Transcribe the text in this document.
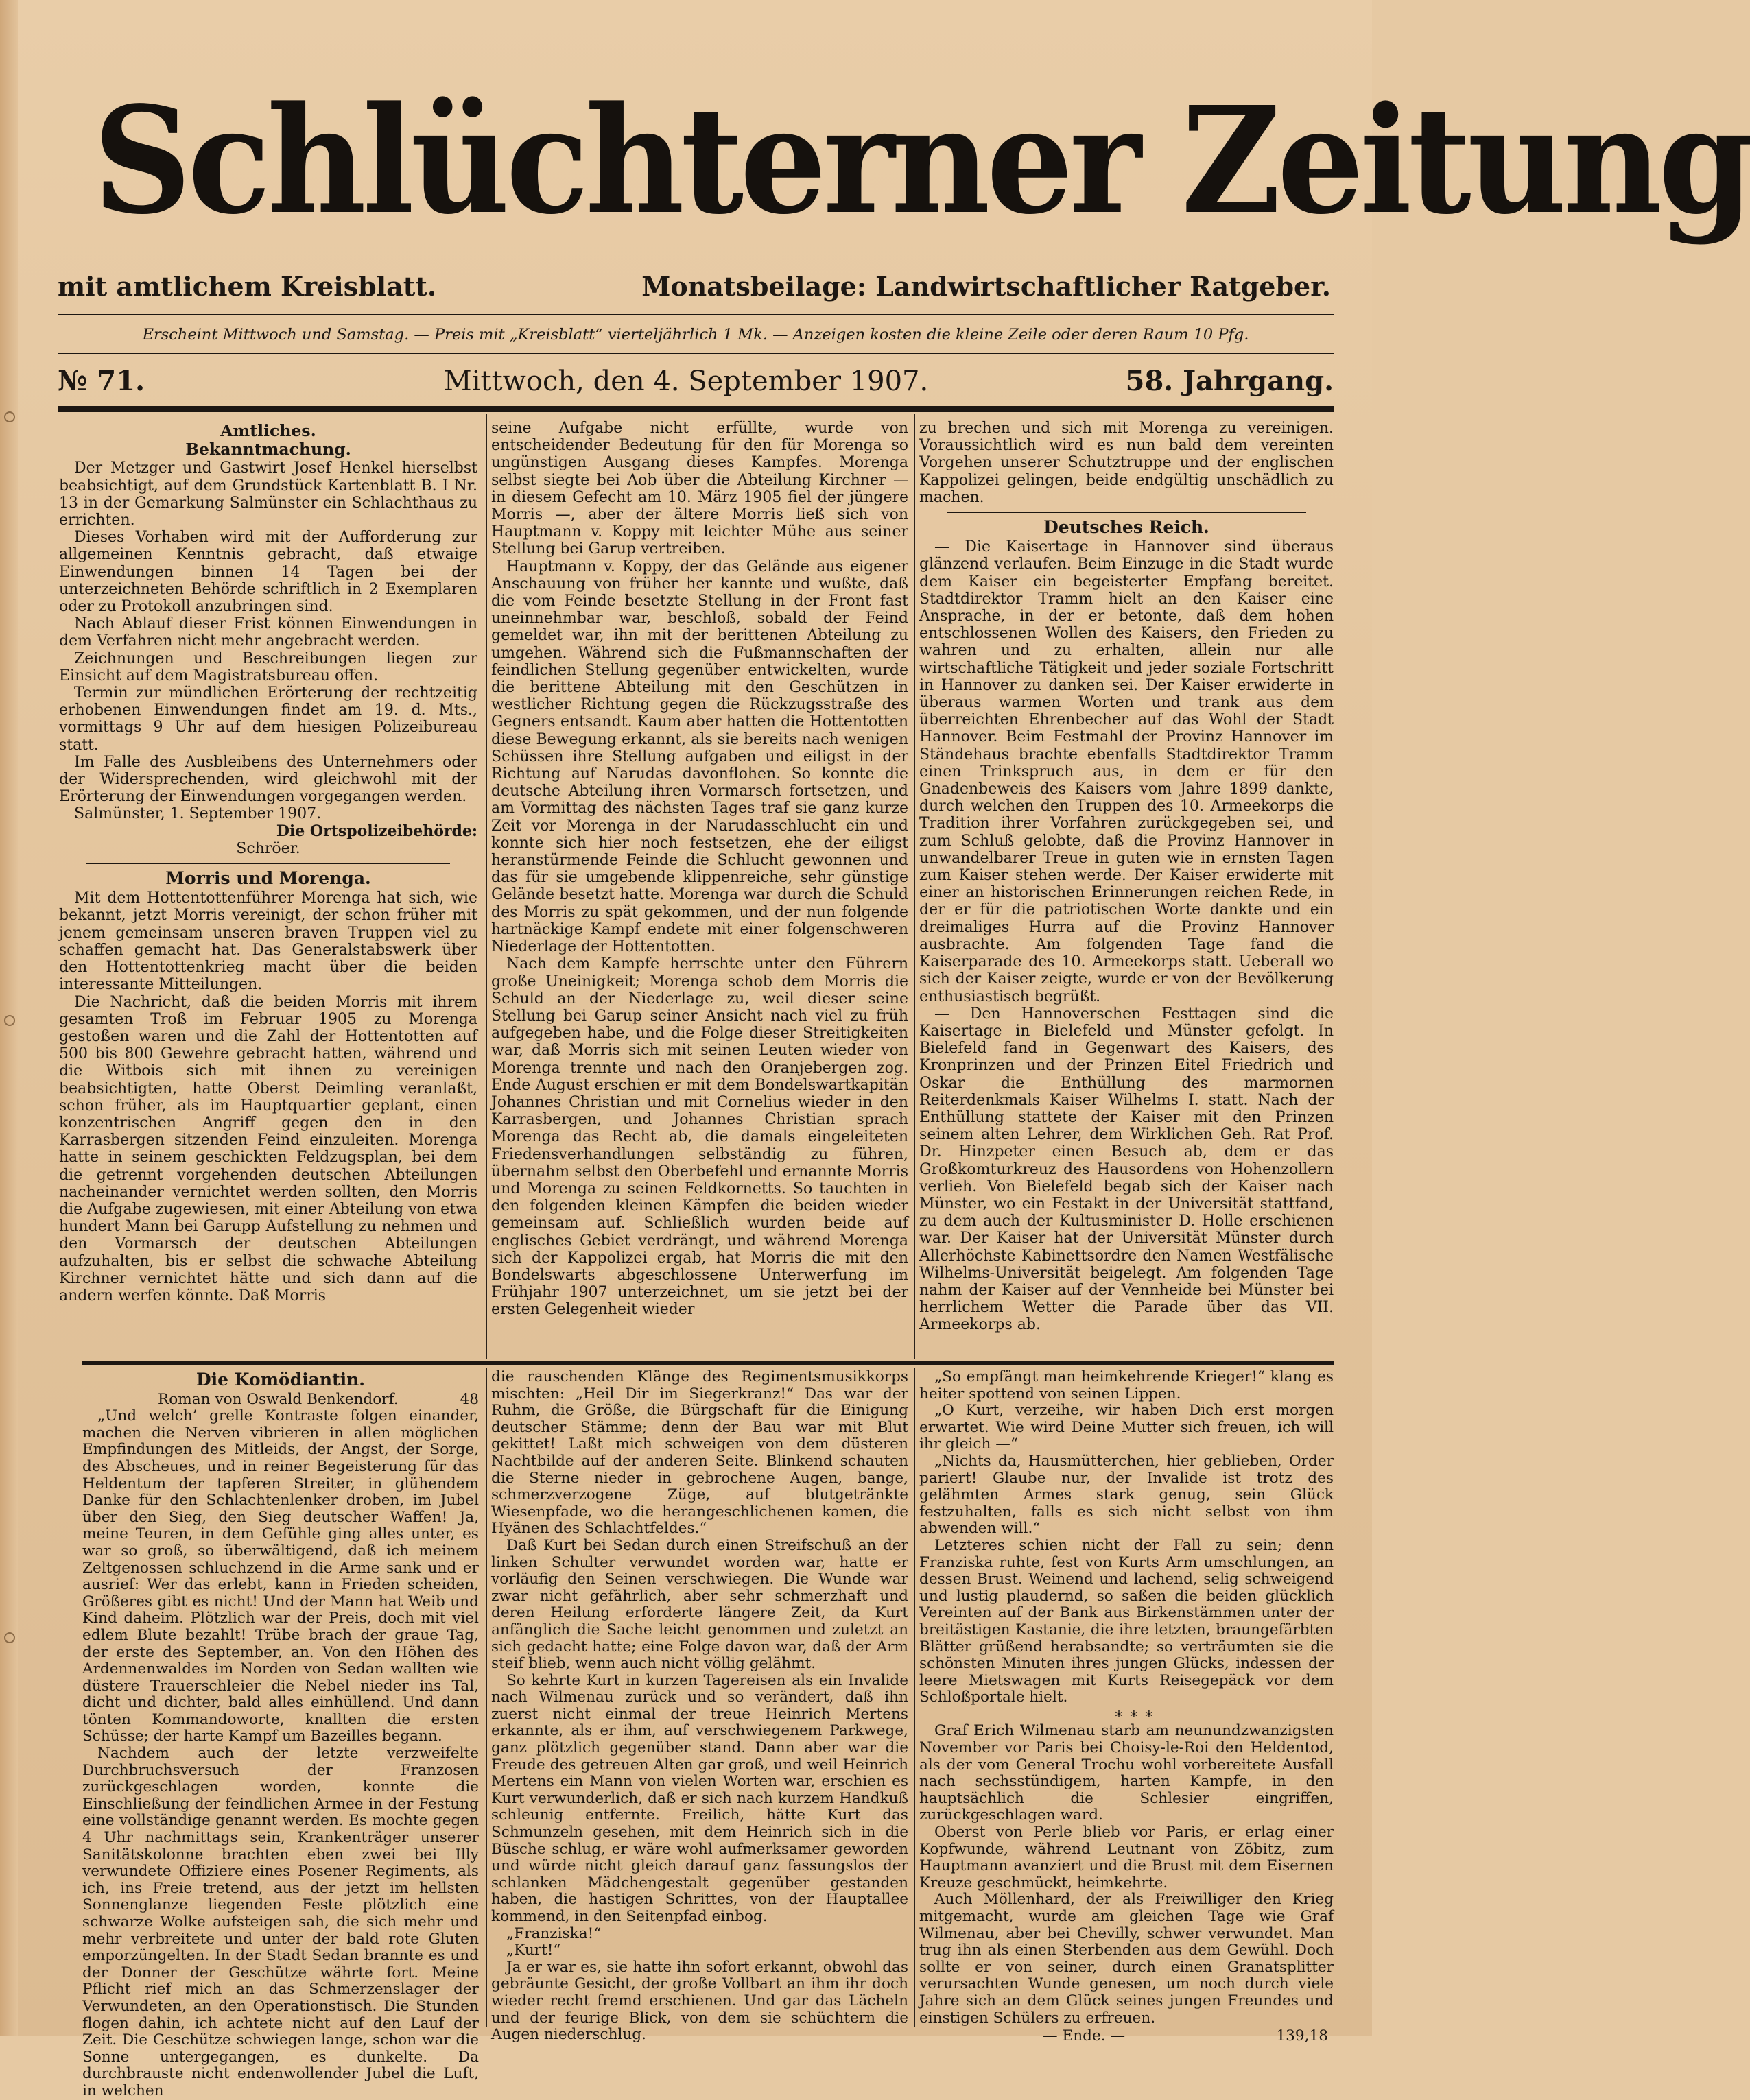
Schlüchterner Zeitung
mit amtlichem Kreisblatt.	Monatsbeilage: Landwirtschaftlicher Ratgeber.
Erscheint Mittwoch und Samstag. — Preis mit „Kreisblatt“ vierteljährlich 1 Mk. — Anzeigen kosten die kleine Zeile oder deren Raum 10 Pfg.
№ 71.	Mittwoch, den 4. September 1907.	58. Jahrgang.

Amtliches.

Bekanntmachung.

Der Metzger und Gastwirt Josef Henkel hierselbst beabsichtigt, auf dem Grundstück Kartenblatt B. I Nr. 13 in der Gemarkung Salmünster ein Schlachthaus zu errichten.

Dieses Vorhaben wird mit der Aufforderung zur allgemeinen Kenntnis gebracht, daß etwaige Einwendungen binnen 14 Tagen bei der unterzeichneten Behörde schriftlich in 2 Exemplaren oder zu Protokoll anzubringen sind.

Nach Ablauf dieser Frist können Einwendungen in dem Verfahren nicht mehr angebracht werden.

Zeichnungen und Beschreibungen liegen zur Einsicht auf dem Magistratsbureau offen.

Termin zur mündlichen Erörterung der rechtzeitig erhobenen Einwendungen findet am 19. d. Mts., vormittags 9 Uhr auf dem hiesigen Polizeibureau statt.

Im Falle des Ausbleibens des Unternehmers oder der Widersprechenden, wird gleichwohl mit der Erörterung der Einwendungen vorgegangen werden.

Salmünster, 1. September 1907.

Die Ortspolizeibehörde:

Schröer.

Morris und Morenga.

Mit dem Hottentottenführer Morenga hat sich, wie bekannt, jetzt Morris vereinigt, der schon früher mit jenem gemeinsam unseren braven Truppen viel zu schaffen gemacht hat. Das Generalstabswerk über den Hottentottenkrieg macht über die beiden interessante Mitteilungen.

Die Nachricht, daß die beiden Morris mit ihrem gesamten Troß im Februar 1905 zu Morenga gestoßen waren und die Zahl der Hottentotten auf 500 bis 800 Gewehre gebracht hatten, während und die Witbois sich mit ihnen zu vereinigen beabsichtigten, hatte Oberst Deimling veranlaßt, schon früher, als im Hauptquartier geplant, einen konzentrischen Angriff gegen den in den Karrasbergen sitzenden Feind einzuleiten. Morenga hatte in seinem geschickten Feldzugsplan, bei dem die getrennt vorgehenden deutschen Abteilungen nacheinander vernichtet werden sollten, den Morris die Aufgabe zugewiesen, mit einer Abteilung von etwa hundert Mann bei Garupp Aufstellung zu nehmen und den Vormarsch der deutschen Abteilungen aufzuhalten, bis er selbst die schwache Abteilung Kirchner vernichtet hätte und sich dann auf die andern werfen könnte. Daß Morris

seine Aufgabe nicht erfüllte, wurde von entscheidender Bedeutung für den für Morenga so ungünstigen Ausgang dieses Kampfes. Morenga selbst siegte bei Aob über die Abteilung Kirchner — in diesem Gefecht am 10. März 1905 fiel der jüngere Morris —, aber der ältere Morris ließ sich von Hauptmann v. Koppy mit leichter Mühe aus seiner Stellung bei Garup vertreiben.

Hauptmann v. Koppy, der das Gelände aus eigener Anschauung von früher her kannte und wußte, daß die vom Feinde besetzte Stellung in der Front fast uneinnehmbar war, beschloß, sobald der Feind gemeldet war, ihn mit der berittenen Abteilung zu umgehen. Während sich die Fußmannschaften der feindlichen Stellung gegenüber entwickelten, wurde die berittene Abteilung mit den Geschützen in westlicher Richtung gegen die Rückzugsstraße des Gegners entsandt. Kaum aber hatten die Hottentotten diese Bewegung erkannt, als sie bereits nach wenigen Schüssen ihre Stellung aufgaben und eiligst in der Richtung auf Narudas davonflohen. So konnte die deutsche Abteilung ihren Vormarsch fortsetzen, und am Vormittag des nächsten Tages traf sie ganz kurze Zeit vor Morenga in der Narudasschlucht ein und konnte sich hier noch festsetzen, ehe der eiligst heranstürmende Feinde die Schlucht gewonnen und das für sie umgebende klippenreiche, sehr günstige Gelände besetzt hatte. Morenga war durch die Schuld des Morris zu spät gekommen, und der nun folgende hartnäckige Kampf endete mit einer folgenschweren Niederlage der Hottentotten.

Nach dem Kampfe herrschte unter den Führern große Uneinigkeit; Morenga schob dem Morris die Schuld an der Niederlage zu, weil dieser seine Stellung bei Garup seiner Ansicht nach viel zu früh aufgegeben habe, und die Folge dieser Streitigkeiten war, daß Morris sich mit seinen Leuten wieder von Morenga trennte und nach den Oranjebergen zog. Ende August erschien er mit dem Bondelswartkapitän Johannes Christian und mit Cornelius wieder in den Karrasbergen, und Johannes Christian sprach Morenga das Recht ab, die damals eingeleiteten Friedensverhandlungen selbständig zu führen, übernahm selbst den Oberbefehl und ernannte Morris und Morenga zu seinen Feldkornetts. So tauchten in den folgenden kleinen Kämpfen die beiden wieder gemeinsam auf. Schließlich wurden beide auf englisches Gebiet verdrängt, und während Morenga sich der Kappolizei ergab, hat Morris die mit den Bondelswarts abgeschlossene Unterwerfung im Frühjahr 1907 unterzeichnet, um sie jetzt bei der ersten Gelegenheit wieder

zu brechen und sich mit Morenga zu vereinigen. Voraussichtlich wird es nun bald dem vereinten Vorgehen unserer Schutztruppe und der englischen Kappolizei gelingen, beide endgültig unschädlich zu machen.

Deutsches Reich.

— Die Kaisertage in Hannover sind überaus glänzend verlaufen. Beim Einzuge in die Stadt wurde dem Kaiser ein begeisterter Empfang bereitet. Stadtdirektor Tramm hielt an den Kaiser eine Ansprache, in der er betonte, daß dem hohen entschlossenen Wollen des Kaisers, den Frieden zu wahren und zu erhalten, allein nur alle wirtschaftliche Tätigkeit und jeder soziale Fortschritt in Hannover zu danken sei. Der Kaiser erwiderte in überaus warmen Worten und trank aus dem überreichten Ehrenbecher auf das Wohl der Stadt Hannover. Beim Festmahl der Provinz Hannover im Ständehaus brachte ebenfalls Stadtdirektor Tramm einen Trinkspruch aus, in dem er für den Gnadenbeweis des Kaisers vom Jahre 1899 dankte, durch welchen den Truppen des 10. Armeekorps die Tradition ihrer Vorfahren zurückgegeben sei, und zum Schluß gelobte, daß die Provinz Hannover in unwandelbarer Treue in guten wie in ernsten Tagen zum Kaiser stehen werde. Der Kaiser erwiderte mit einer an historischen Erinnerungen reichen Rede, in der er für die patriotischen Worte dankte und ein dreimaliges Hurra auf die Provinz Hannover ausbrachte. Am folgenden Tage fand die Kaiserparade des 10. Armeekorps statt. Ueberall wo sich der Kaiser zeigte, wurde er von der Bevölkerung enthusiastisch begrüßt.

— Den Hannoverschen Festtagen sind die Kaisertage in Bielefeld und Münster gefolgt. In Bielefeld fand in Gegenwart des Kaisers, des Kronprinzen und der Prinzen Eitel Friedrich und Oskar die Enthüllung des marmornen Reiterdenkmals Kaiser Wilhelms I. statt. Nach der Enthüllung stattete der Kaiser mit den Prinzen seinem alten Lehrer, dem Wirklichen Geh. Rat Prof. Dr. Hinzpeter einen Besuch ab, dem er das Großkomturkreuz des Hausordens von Hohenzollern verlieh. Von Bielefeld begab sich der Kaiser nach Münster, wo ein Festakt in der Universität stattfand, zu dem auch der Kultusminister D. Holle erschienen war. Der Kaiser hat der Universität Münster durch Allerhöchste Kabinettsordre den Namen Westfälische Wilhelms-Universität beigelegt. Am folgenden Tage nahm der Kaiser auf der Vennheide bei Münster bei herrlichem Wetter die Parade über das VII. Armeekorps ab.

Die Komödiantin.

Roman von Oswald Benkendorf.	48

„Und welch’ grelle Kontraste folgen einander, machen die Nerven vibrieren in allen möglichen Empfindungen des Mitleids, der Angst, der Sorge, des Abscheues, und in reiner Begeisterung für das Heldentum der tapferen Streiter, in glühendem Danke für den Schlachtenlenker droben, im Jubel über den Sieg, den Sieg deutscher Waffen! Ja, meine Teuren, in dem Gefühle ging alles unter, es war so groß, so überwältigend, daß ich meinem Zeltgenossen schluchzend in die Arme sank und er ausrief: Wer das erlebt, kann in Frieden scheiden, Größeres gibt es nicht! Und der Mann hat Weib und Kind daheim. Plötzlich war der Preis, doch mit viel edlem Blute bezahlt! Trübe brach der graue Tag, der erste des September, an. Von den Höhen des Ardennenwaldes im Norden von Sedan wallten wie düstere Trauerschleier die Nebel nieder ins Tal, dicht und dichter, bald alles einhüllend. Und dann tönten Kommandoworte, knallten die ersten Schüsse; der harte Kampf um Bazeilles begann.

Nachdem auch der letzte verzweifelte Durchbruchsversuch der Franzosen zurückgeschlagen worden, konnte die Einschließung der feindlichen Armee in der Festung eine vollständige genannt werden. Es mochte gegen 4 Uhr nachmittags sein, Krankenträger unserer Sanitätskolonne brachten eben zwei bei Illy verwundete Offiziere eines Posener Regiments, als ich, ins Freie tretend, aus der jetzt im hellsten Sonnenglanze liegenden Feste plötzlich eine schwarze Wolke aufsteigen sah, die sich mehr und mehr verbreitete und unter der bald rote Gluten emporzüngelten. In der Stadt Sedan brannte es und der Donner der Geschütze währte fort. Meine Pflicht rief mich an das Schmerzenslager der Verwundeten, an den Operationstisch. Die Stunden flogen dahin, ich achtete nicht auf den Lauf der Zeit. Die Geschütze schwiegen lange, schon war die Sonne untergegangen, es dunkelte. Da durchbrauste nicht endenwollender Jubel die Luft, in welchen

die rauschenden Klänge des Regimentsmusikkorps mischten: „Heil Dir im Siegerkranz!“ Das war der Ruhm, die Größe, die Bürgschaft für die Einigung deutscher Stämme; denn der Bau war mit Blut gekittet! Laßt mich schweigen von dem düsteren Nachtbilde auf der anderen Seite. Blinkend schauten die Sterne nieder in gebrochene Augen, bange, schmerzverzogene Züge, auf blutgetränkte Wiesenpfade, wo die herangeschlichenen kamen, die Hyänen des Schlachtfeldes.“

Daß Kurt bei Sedan durch einen Streifschuß an der linken Schulter verwundet worden war, hatte er vorläufig den Seinen verschwiegen. Die Wunde war zwar nicht gefährlich, aber sehr schmerzhaft und deren Heilung erforderte längere Zeit, da Kurt anfänglich die Sache leicht genommen und zuletzt an sich gedacht hatte; eine Folge davon war, daß der Arm steif blieb, wenn auch nicht völlig gelähmt.

So kehrte Kurt in kurzen Tagereisen als ein Invalide nach Wilmenau zurück und so verändert, daß ihn zuerst nicht einmal der treue Heinrich Mertens erkannte, als er ihm, auf verschwiegenem Parkwege, ganz plötzlich gegenüber stand. Dann aber war die Freude des getreuen Alten gar groß, und weil Heinrich Mertens ein Mann von vielen Worten war, erschien es Kurt verwunderlich, daß er sich nach kurzem Handkuß schleunig entfernte. Freilich, hätte Kurt das Schmunzeln gesehen, mit dem Heinrich sich in die Büsche schlug, er wäre wohl aufmerksamer geworden und würde nicht gleich darauf ganz fassungslos der schlanken Mädchengestalt gegenüber gestanden haben, die hastigen Schrittes, von der Hauptallee kommend, in den Seitenpfad einbog.

„Franziska!“

„Kurt!“

Ja er war es, sie hatte ihn sofort erkannt, obwohl das gebräunte Gesicht, der große Vollbart an ihm ihr doch wieder recht fremd erschienen. Und gar das Lächeln und der feurige Blick, von dem sie schüchtern die Augen niederschlug.

„So empfängt man heimkehrende Krieger!“ klang es heiter spottend von seinen Lippen.

„O Kurt, verzeihe, wir haben Dich erst morgen erwartet. Wie wird Deine Mutter sich freuen, ich will ihr gleich —“

„Nichts da, Hausmütterchen, hier geblieben, Order pariert! Glaube nur, der Invalide ist trotz des gelähmten Armes stark genug, sein Glück festzuhalten, falls es sich nicht selbst von ihm abwenden will.“

Letzteres schien nicht der Fall zu sein; denn Franziska ruhte, fest von Kurts Arm umschlungen, an dessen Brust. Weinend und lachend, selig schweigend und lustig plaudernd, so saßen die beiden glücklich Vereinten auf der Bank aus Birkenstämmen unter der breitästigen Kastanie, die ihre letzten, braungefärbten Blätter grüßend herabsandte; so verträumten sie die schönsten Minuten ihres jungen Glücks, indessen der leere Mietswagen mit Kurts Reisegepäck vor dem Schloßportale hielt.

∗ ∗ ∗

Graf Erich Wilmenau starb am neunundzwanzigsten November vor Paris bei Choisy-le-Roi den Heldentod, als der vom General Trochu wohl vorbereitete Ausfall nach sechsstündigem, harten Kampfe, in den hauptsächlich die Schlesier eingriffen, zurückgeschlagen ward.

Oberst von Perle blieb vor Paris, er erlag einer Kopfwunde, während Leutnant von Zöbitz, zum Hauptmann avanziert und die Brust mit dem Eisernen Kreuze geschmückt, heimkehrte.

Auch Möllenhard, der als Freiwilliger den Krieg mitgemacht, wurde am gleichen Tage wie Graf Wilmenau, aber bei Chevilly, schwer verwundet. Man trug ihn als einen Sterbenden aus dem Gewühl. Doch sollte er von seiner, durch einen Granatsplitter verursachten Wunde genesen, um noch durch viele Jahre sich an dem Glück seines jungen Freundes und einstigen Schülers zu erfreuen.

— Ende. —	139,18
